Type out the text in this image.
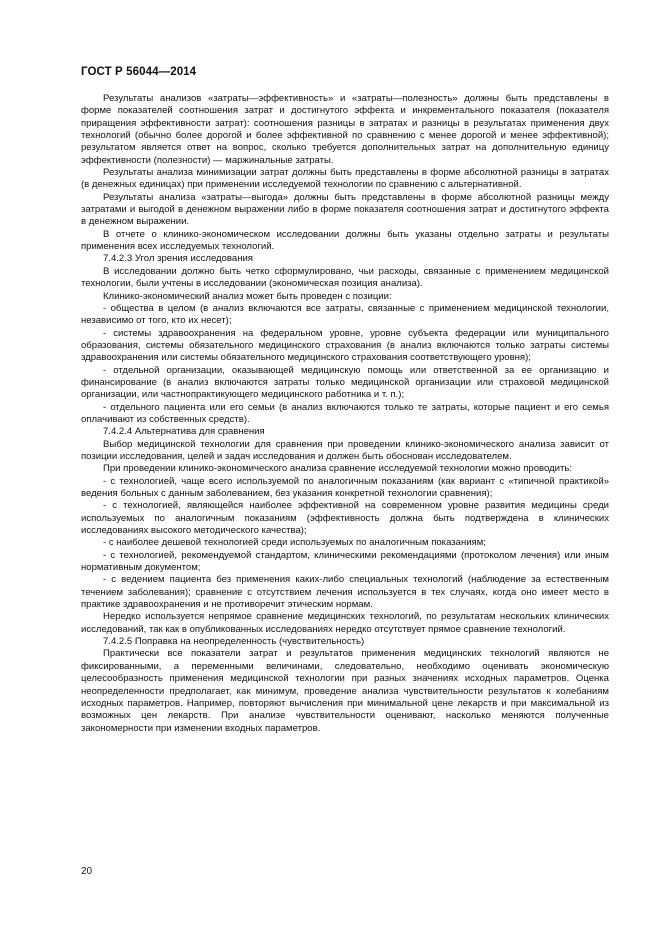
ГОСТ Р 56044—2014

Результаты анализов «затраты—эффективность» и «затраты—полезность» должны быть представлены в форме показателей соотношения затрат и достигнутого эффекта и инкрементального показателя (показателя приращения эффективности затрат): соотношения разницы в затратах и разницы в результатах применения двух технологий (обычно более дорогой и более эффективной по сравнению с менее дорогой и менее эффективной); результатом является ответ на вопрос, сколько требуется дополнительных затрат на дополнительную единицу эффективности (полезности) — маржинальные затраты.

Результаты анализа минимизации затрат должны быть представлены в форме абсолютной разницы в затратах (в денежных единицах) при применении исследуемой технологии по сравнению с альтернативной.

Результаты анализа «затраты—выгода» должны быть представлены в форме абсолютной разницы между затратами и выгодой в денежном выражении либо в форме показателя соотношения затрат и достигнутого эффекта в денежном выражении.

В отчете о клинико-экономическом исследовании должны быть указаны отдельно затраты и результаты применения всех исследуемых технологий.

7.4.2.3 Угол зрения исследования

В исследовании должно быть четко сформулировано, чьи расходы, связанные с применением медицинской технологии, были учтены в исследовании (экономическая позиция анализа).

Клинико-экономический анализ может быть проведен с позиции:

- общества в целом (в анализ включаются все затраты, связанные с применением медицинской технологии, независимо от того, кто их несет);

- системы здравоохранения на федеральном уровне, уровне субъекта федерации или муниципального образования, системы обязательного медицинского страхования (в анализ включаются только затраты системы здравоохранения или системы обязательного медицинского страхования соответствующего уровня);

- отдельной организации, оказывающей медицинскую помощь или ответственной за ее организацию и финансирование (в анализ включаются затраты только медицинской организации или страховой медицинской организации, или частнопрактикующего медицинского работника и т. п.);

- отдельного пациента или его семьи (в анализ включаются только те затраты, которые пациент и его семья оплачивают из собственных средств).

7.4.2.4 Альтернатива для сравнения

Выбор медицинской технологии для сравнения при проведении клинико-экономического анализа зависит от позиции исследования, целей и задач исследования и должен быть обоснован исследователем.

При проведении клинико-экономического анализа сравнение исследуемой технологии можно проводить:

- с технологией, чаще всего используемой по аналогичным показаниям (как вариант с «типичной практикой» ведения больных с данным заболеванием, без указания конкретной технологии сравнения);

- с технологией, являющейся наиболее эффективной на современном уровне развития медицины среди используемых по аналогичным показаниям (эффективность должна быть подтверждена в клинических исследованиях высокого методического качества);

- с наиболее дешевой технологией среди используемых по аналогичным показаниям;

- с технологией, рекомендуемой стандартом, клиническими рекомендациями (протоколом лечения) или иным нормативным документом;

- с ведением пациента без применения каких-либо специальных технологий (наблюдение за естественным течением заболевания); сравнение с отсутствием лечения используется в тех случаях, когда оно имеет место в практике здравоохранения и не противоречит этическим нормам.

Нередко используется непрямое сравнение медицинских технологий, по результатам нескольких клинических исследований, так как в опубликованных исследованиях нередко отсутствует прямое сравнение технологий.

7.4.2.5 Поправка на неопределенность (чувствительность)

Практически все показатели затрат и результатов применения медицинских технологий являются не фиксированными, а переменными величинами, следовательно, необходимо оценивать экономическую целесообразность применения медицинской технологии при разных значениях исходных параметров. Оценка неопределенности предполагает, как минимум, проведение анализа чувствительности результатов к колебаниям исходных параметров. Например, повторяют вычисления при минимальной цене лекарств и при максимальной из возможных цен лекарств. При анализе чувствительности оценивают, насколько меняются полученные закономерности при изменении входных параметров.

20
